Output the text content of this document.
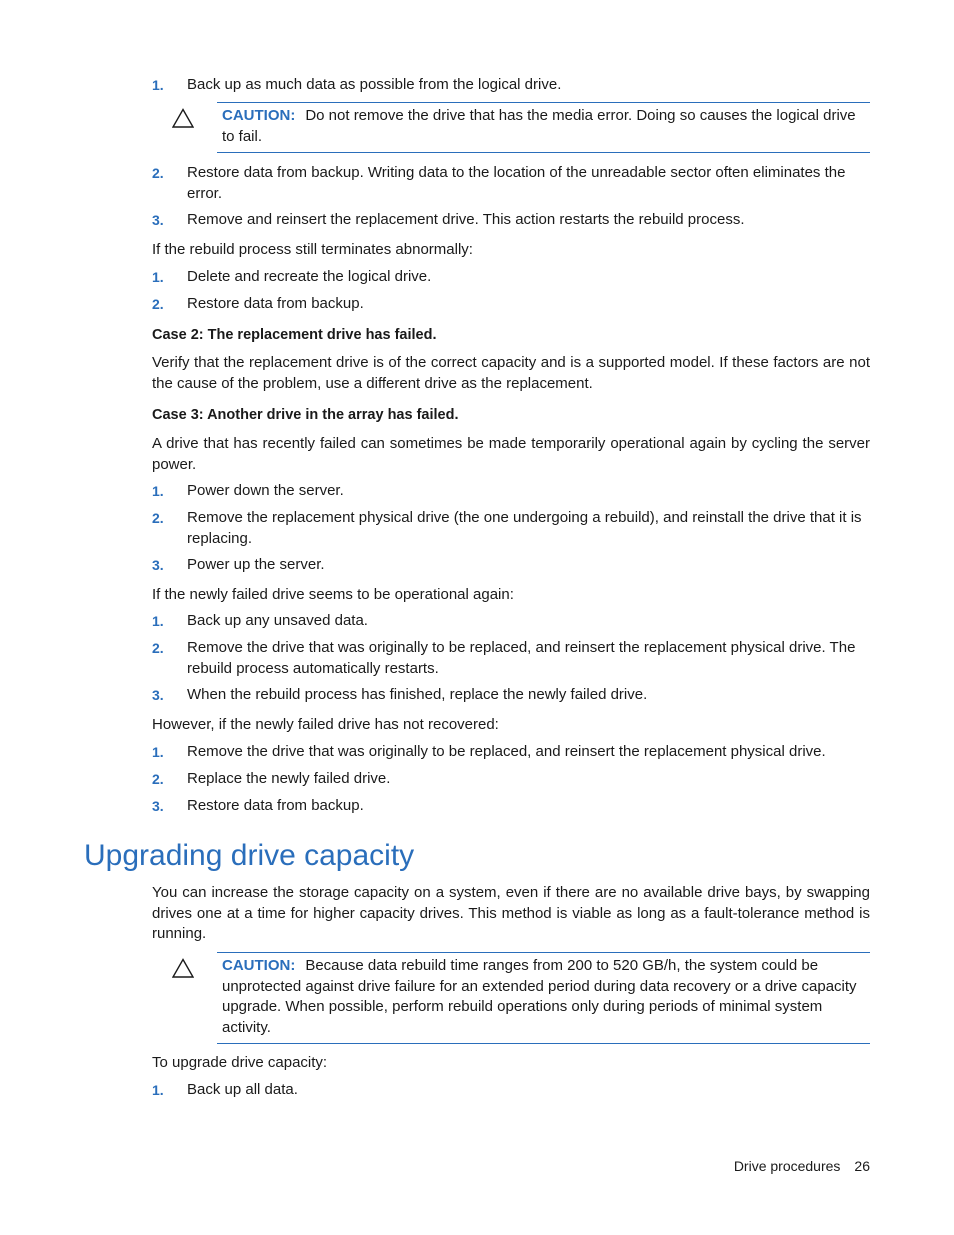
1. Back up as much data as possible from the logical drive.
CAUTION: Do not remove the drive that has the media error. Doing so causes the logical drive to fail.
2. Restore data from backup. Writing data to the location of the unreadable sector often eliminates the error.
3. Remove and reinsert the replacement drive. This action restarts the rebuild process.
If the rebuild process still terminates abnormally:
1. Delete and recreate the logical drive.
2. Restore data from backup.
Case 2: The replacement drive has failed.
Verify that the replacement drive is of the correct capacity and is a supported model. If these factors are not the cause of the problem, use a different drive as the replacement.
Case 3: Another drive in the array has failed.
A drive that has recently failed can sometimes be made temporarily operational again by cycling the server power.
1. Power down the server.
2. Remove the replacement physical drive (the one undergoing a rebuild), and reinstall the drive that it is replacing.
3. Power up the server.
If the newly failed drive seems to be operational again:
1. Back up any unsaved data.
2. Remove the drive that was originally to be replaced, and reinsert the replacement physical drive. The rebuild process automatically restarts.
3. When the rebuild process has finished, replace the newly failed drive.
However, if the newly failed drive has not recovered:
1. Remove the drive that was originally to be replaced, and reinsert the replacement physical drive.
2. Replace the newly failed drive.
3. Restore data from backup.
Upgrading drive capacity
You can increase the storage capacity on a system, even if there are no available drive bays, by swapping drives one at a time for higher capacity drives. This method is viable as long as a fault-tolerance method is running.
CAUTION: Because data rebuild time ranges from 200 to 520 GB/h, the system could be unprotected against drive failure for an extended period during data recovery or a drive capacity upgrade. When possible, perform rebuild operations only during periods of minimal system activity.
To upgrade drive capacity:
1. Back up all data.
Drive procedures 26
